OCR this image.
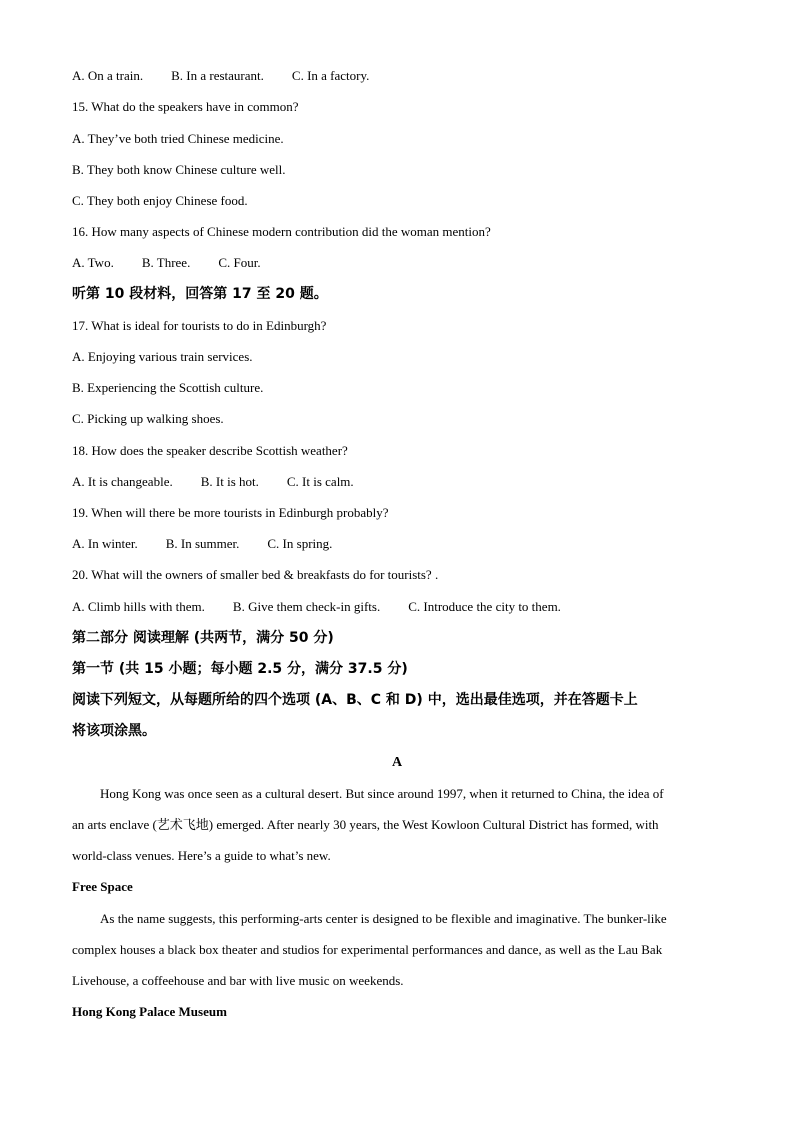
A. On a train. B. In a restaurant. C. In a factory.
15. What do the speakers have in common?
A. They’ve both tried Chinese medicine.
B. They both know Chinese culture well.
C. They both enjoy Chinese food.
16. How many aspects of Chinese modern contribution did the woman mention?
A. Two. B. Three. C. Four.
听第 10 段材料，回答第 17 至 20 题。
17. What is ideal for tourists to do in Edinburgh?
A. Enjoying various train services.
B. Experiencing the Scottish culture.
C. Picking up walking shoes.
18. How does the speaker describe Scottish weather?
A. It is changeable. B. It is hot. C. It is calm.
19. When will there be more tourists in Edinburgh probably?
A. In winter. B. In summer. C. In spring.
20. What will the owners of smaller bed & breakfasts do for tourists? .
A. Climb hills with them. B. Give them check-in gifts. C. Introduce the city to them.
第二部分 阅读理解 (共两节，满分 50 分)
第一节 (共 15 小题；每小题 2.5 分，满分 37.5 分)
阅读下列短文，从每题所给的四个选项 (A、B、C 和 D) 中，选出最佳选项，并在答题卡上
将该项涂黑。
A
Hong Kong was once seen as a cultural desert. But since around 1997, when it returned to China, the idea of
an arts enclave (艺术飞地) emerged. After nearly 30 years, the West Kowloon Cultural District has formed, with
world-class venues. Here’s a guide to what’s new.
Free Space
As the name suggests, this performing-arts center is designed to be flexible and imaginative. The bunker-like
complex houses a black box theater and studios for experimental performances and dance, as well as the Lau Bak
Livehouse, a coffeehouse and bar with live music on weekends.
Hong Kong Palace Museum
